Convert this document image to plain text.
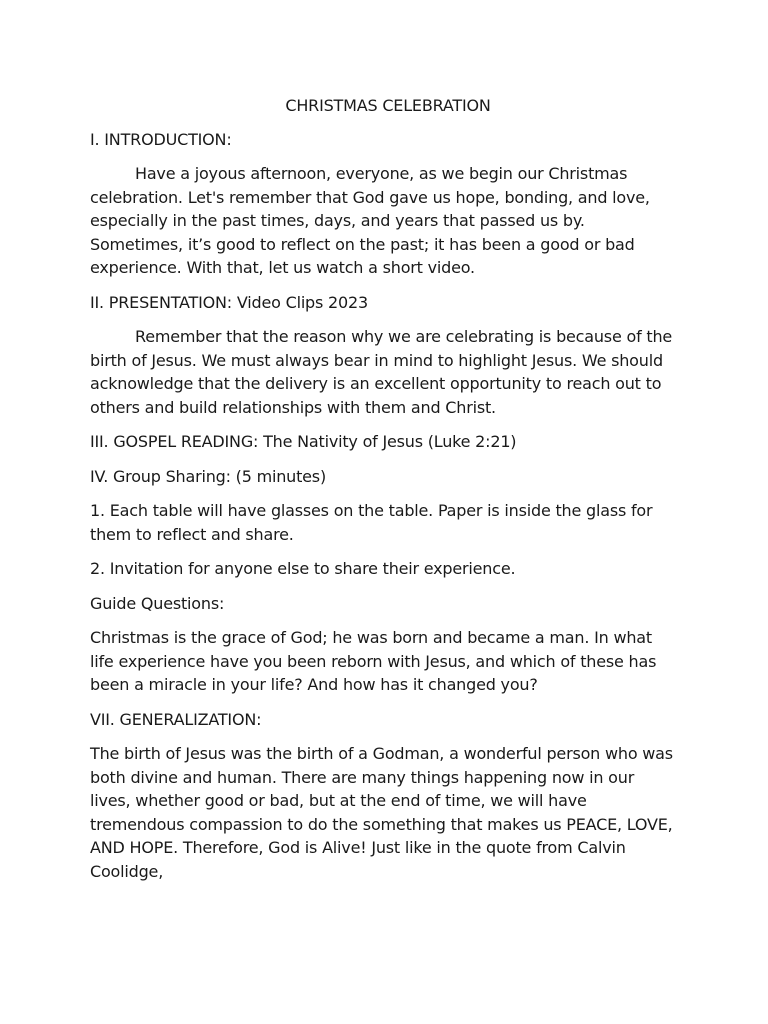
CHRISTMAS CELEBRATION

I. INTRODUCTION:

Have a joyous afternoon, everyone, as we begin our Christmas celebration. Let's remember that God gave us hope, bonding, and love, especially in the past times, days, and years that passed us by. Sometimes, it’s good to reflect on the past; it has been a good or bad experience. With that, let us watch a short video.

II. PRESENTATION: Video Clips 2023

Remember that the reason why we are celebrating is because of the birth of Jesus. We must always bear in mind to highlight Jesus. We should acknowledge that the delivery is an excellent opportunity to reach out to others and build relationships with them and Christ.

III. GOSPEL READING: The Nativity of Jesus (Luke 2:21)

IV. Group Sharing: (5 minutes)

1. Each table will have glasses on the table. Paper is inside the glass for them to reflect and share.

2. Invitation for anyone else to share their experience.

Guide Questions:

Christmas is the grace of God; he was born and became a man. In what life experience have you been reborn with Jesus, and which of these has been a miracle in your life? And how has it changed you?

VII. GENERALIZATION:

The birth of Jesus was the birth of a Godman, a wonderful person who was both divine and human. There are many things happening now in our lives, whether good or bad, but at the end of time, we will have tremendous compassion to do the something that makes us PEACE, LOVE, AND HOPE. Therefore, God is Alive! Just like in the quote from Calvin Coolidge,
